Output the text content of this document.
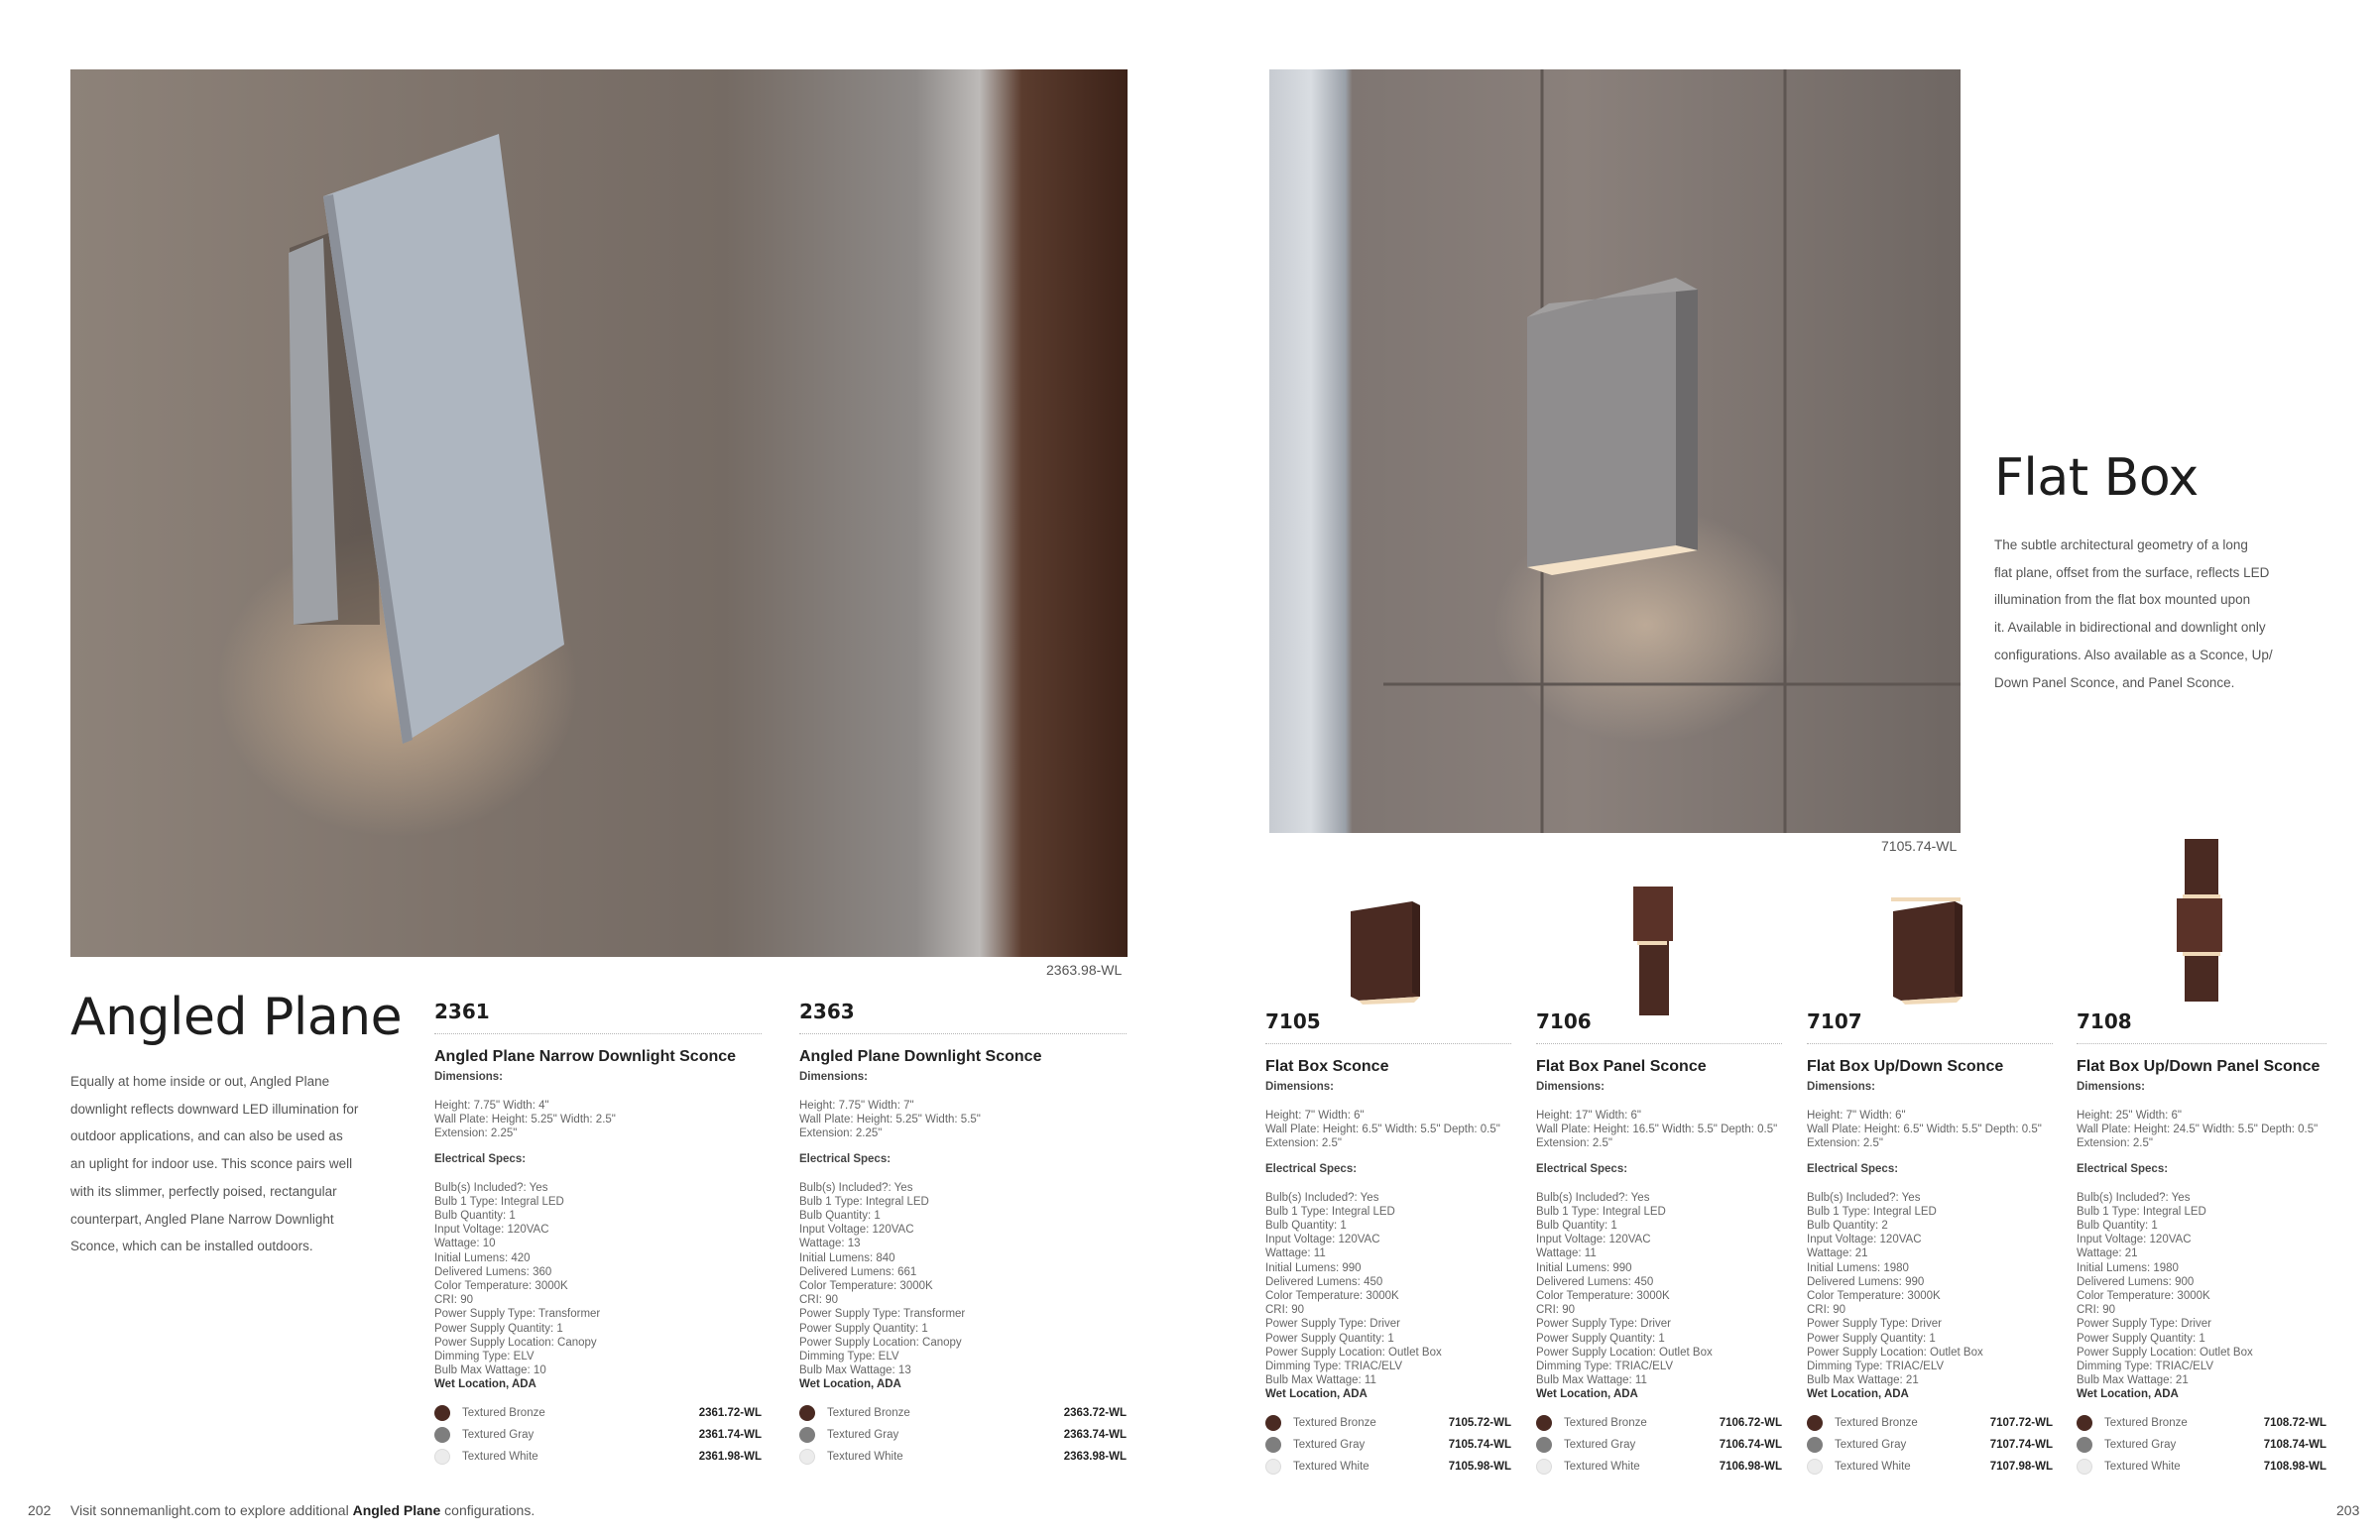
2363.98-WL
Angled Plane
Equally at home inside or out, Angled Plane
downlight reflects downward LED illumination for
outdoor applications, and can also be used as
an uplight for indoor use. This sconce pairs well
with its slimmer, perfectly poised, rectangular
counterpart, Angled Plane Narrow Downlight
Sconce, which can be installed outdoors.
2361
Angled Plane Narrow Downlight Sconce
Dimensions:
Height: 7.75" Width: 4"
Wall Plate: Height: 5.25" Width: 2.5"
Extension: 2.25"
Electrical Specs:
Bulb(s) Included?: Yes
Bulb 1 Type: Integral LED
Bulb Quantity: 1
Input Voltage: 120VAC
Wattage: 10
Initial Lumens: 420
Delivered Lumens: 360
Color Temperature: 3000K
CRI: 90
Power Supply Type: Transformer
Power Supply Quantity: 1
Power Supply Location: Canopy
Dimming Type: ELV
Bulb Max Wattage: 10
Wet Location, ADA
Textured Bronze	2361.72-WL
Textured Gray	2361.74-WL
Textured White	2361.98-WL
2363
Angled Plane Downlight Sconce
Dimensions:
Height: 7.75" Width: 7"
Wall Plate: Height: 5.25" Width: 5.5"
Extension: 2.25"
Electrical Specs:
Bulb(s) Included?: Yes
Bulb 1 Type: Integral LED
Bulb Quantity: 1
Input Voltage: 120VAC
Wattage: 13
Initial Lumens: 840
Delivered Lumens: 661
Color Temperature: 3000K
CRI: 90
Power Supply Type: Transformer
Power Supply Quantity: 1
Power Supply Location: Canopy
Dimming Type: ELV
Bulb Max Wattage: 13
Wet Location, ADA
Textured Bronze	2363.72-WL
Textured Gray	2363.74-WL
Textured White	2363.98-WL
202 Visit sonnemanlight.com to explore additional Angled Plane configurations.
7105.74-WL
Flat Box
The subtle architectural geometry of a long
flat plane, offset from the surface, reflects LED
illumination from the flat box mounted upon
it. Available in bidirectional and downlight only
configurations. Also available as a Sconce, Up/
Down Panel Sconce, and Panel Sconce.
7105
Flat Box Sconce
Dimensions:
Height: 7" Width: 6"
Wall Plate: Height: 6.5" Width: 5.5" Depth: 0.5"
Extension: 2.5"
Electrical Specs:
Bulb(s) Included?: Yes
Bulb 1 Type: Integral LED
Bulb Quantity: 1
Input Voltage: 120VAC
Wattage: 11
Initial Lumens: 990
Delivered Lumens: 450
Color Temperature: 3000K
CRI: 90
Power Supply Type: Driver
Power Supply Quantity: 1
Power Supply Location: Outlet Box
Dimming Type: TRIAC/ELV
Bulb Max Wattage: 11
Wet Location, ADA
Textured Bronze	7105.72-WL
Textured Gray	7105.74-WL
Textured White	7105.98-WL
7106
Flat Box Panel Sconce
Dimensions:
Height: 17" Width: 6"
Wall Plate: Height: 16.5" Width: 5.5" Depth: 0.5"
Extension: 2.5"
Electrical Specs:
Bulb(s) Included?: Yes
Bulb 1 Type: Integral LED
Bulb Quantity: 1
Input Voltage: 120VAC
Wattage: 11
Initial Lumens: 990
Delivered Lumens: 450
Color Temperature: 3000K
CRI: 90
Power Supply Type: Driver
Power Supply Quantity: 1
Power Supply Location: Outlet Box
Dimming Type: TRIAC/ELV
Bulb Max Wattage: 11
Wet Location, ADA
Textured Bronze	7106.72-WL
Textured Gray	7106.74-WL
Textured White	7106.98-WL
7107
Flat Box Up/Down Sconce
Dimensions:
Height: 7" Width: 6"
Wall Plate: Height: 6.5" Width: 5.5" Depth: 0.5"
Extension: 2.5"
Electrical Specs:
Bulb(s) Included?: Yes
Bulb 1 Type: Integral LED
Bulb Quantity: 2
Input Voltage: 120VAC
Wattage: 21
Initial Lumens: 1980
Delivered Lumens: 990
Color Temperature: 3000K
CRI: 90
Power Supply Type: Driver
Power Supply Quantity: 1
Power Supply Location: Outlet Box
Dimming Type: TRIAC/ELV
Bulb Max Wattage: 21
Wet Location, ADA
Textured Bronze	7107.72-WL
Textured Gray	7107.74-WL
Textured White	7107.98-WL
7108
Flat Box Up/Down Panel Sconce
Dimensions:
Height: 25" Width: 6"
Wall Plate: Height: 24.5" Width: 5.5" Depth: 0.5"
Extension: 2.5"
Electrical Specs:
Bulb(s) Included?: Yes
Bulb 1 Type: Integral LED
Bulb Quantity: 1
Input Voltage: 120VAC
Wattage: 21
Initial Lumens: 1980
Delivered Lumens: 900
Color Temperature: 3000K
CRI: 90
Power Supply Type: Driver
Power Supply Quantity: 1
Power Supply Location: Outlet Box
Dimming Type: TRIAC/ELV
Bulb Max Wattage: 21
Wet Location, ADA
Textured Bronze	7108.72-WL
Textured Gray	7108.74-WL
Textured White	7108.98-WL
203
